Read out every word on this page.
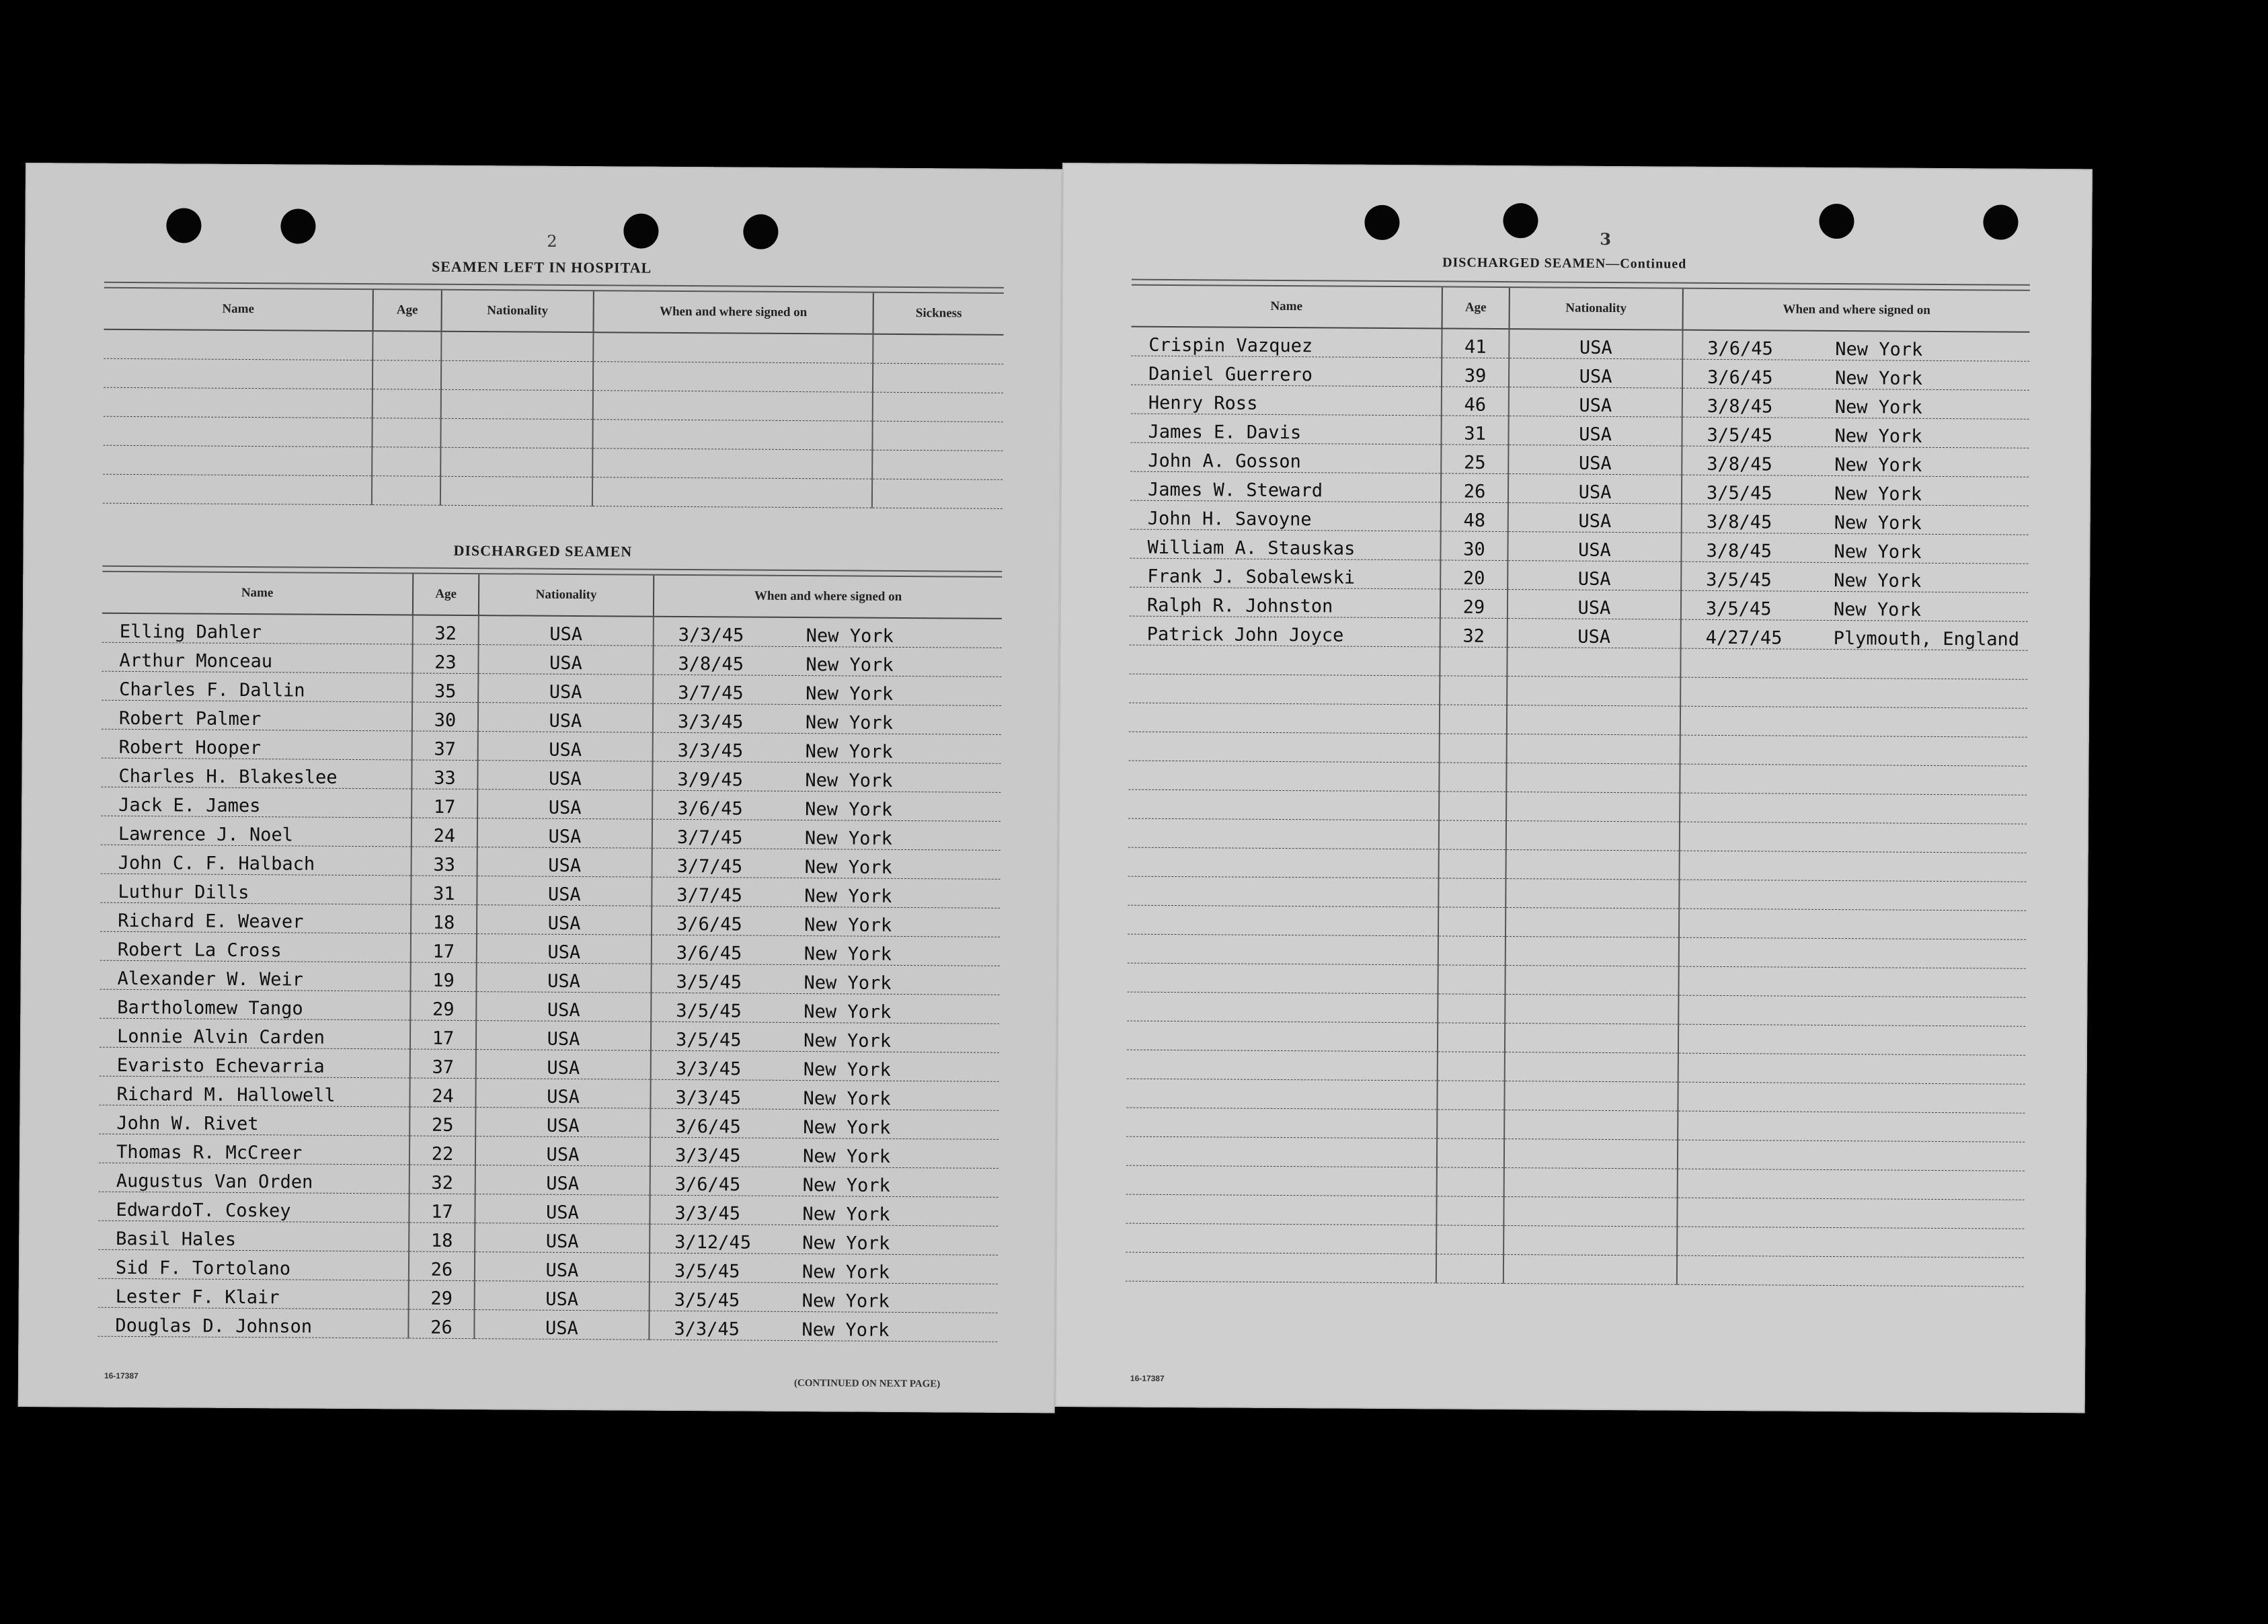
2
SEAMEN LEFT IN HOSPITAL
Name	Age	Nationality	When and where signed on	Sickness

DISCHARGED SEAMEN
Name	Age	Nationality	When and where signed on
Elling Dahler	32	USA	3/3/45 New York
Arthur Monceau	23	USA	3/8/45 New York
Charles F. Dallin	35	USA	3/7/45 New York
Robert Palmer	30	USA	3/3/45 New York
Robert Hooper	37	USA	3/3/45 New York
Charles H. Blakeslee	33	USA	3/9/45 New York
Jack E. James	17	USA	3/6/45 New York
Lawrence J. Noel	24	USA	3/7/45 New York
John C. F. Halbach	33	USA	3/7/45 New York
Luthur Dills	31	USA	3/7/45 New York
Richard E. Weaver	18	USA	3/6/45 New York
Robert La Cross	17	USA	3/6/45 New York
Alexander W. Weir	19	USA	3/5/45 New York
Bartholomew Tango	29	USA	3/5/45 New York
Lonnie Alvin Carden	17	USA	3/5/45 New York
Evaristo Echevarria	37	USA	3/3/45 New York
Richard M. Hallowell	24	USA	3/3/45 New York
John W. Rivet	25	USA	3/6/45 New York
Thomas R. McCreer	22	USA	3/3/45 New York
Augustus Van Orden	32	USA	3/6/45 New York
EdwardoT. Coskey	17	USA	3/3/45 New York
Basil Hales	18	USA	3/12/45 New York
Sid F. Tortolano	26	USA	3/5/45 New York
Lester F. Klair	29	USA	3/5/45 New York
Douglas D. Johnson	26	USA	3/3/45 New York
16-17387
(CONTINUED ON NEXT PAGE)
3
DISCHARGED SEAMEN—Continued
Name	Age	Nationality	When and where signed on
Crispin Vazquez	41	USA	3/6/45 New York
Daniel Guerrero	39	USA	3/6/45 New York
Henry Ross	46	USA	3/8/45 New York
James E. Davis	31	USA	3/5/45 New York
John A. Gosson	25	USA	3/8/45 New York
James W. Steward	26	USA	3/5/45 New York
John H. Savoyne	48	USA	3/8/45 New York
William A. Stauskas	30	USA	3/8/45 New York
Frank J. Sobalewski	20	USA	3/5/45 New York
Ralph R. Johnston	29	USA	3/5/45 New York
Patrick John Joyce	32	USA	4/27/45 Plymouth, England

16-17387
